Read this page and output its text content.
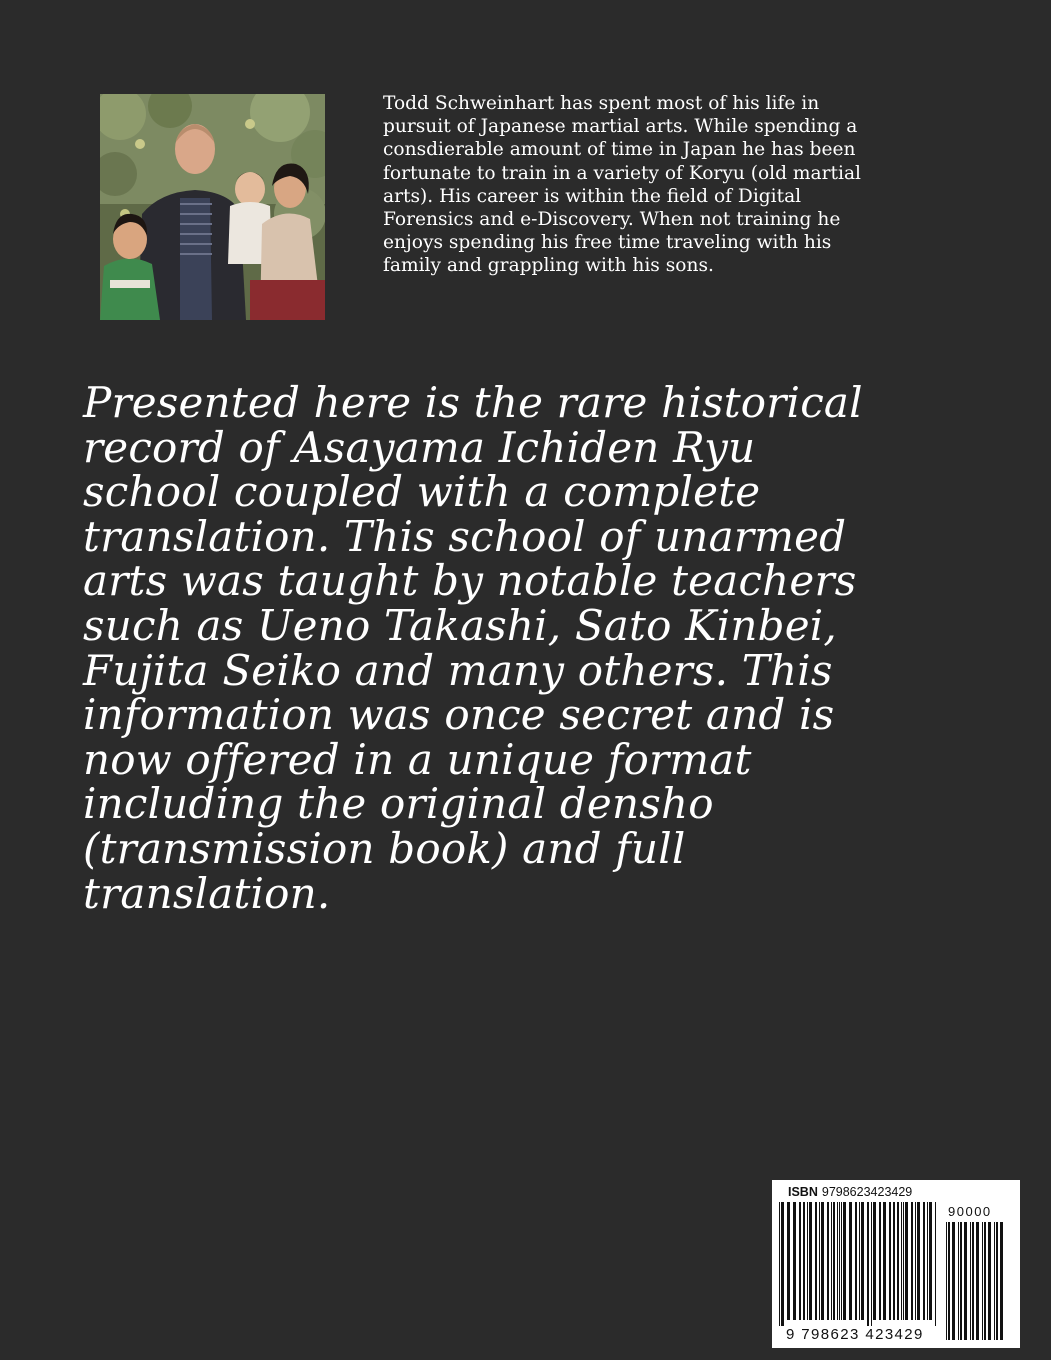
Todd Schweinhart has spent most of his life in
pursuit of Japanese martial arts. While spending a
consdierable amount of time in Japan he has been
fortunate to train in a variety of Koryu (old martial
arts). His career is within the field of Digital
Forensics and e-Discovery. When not training he
enjoys spending his free time traveling with his
family and grappling with his sons.
Presented here is the rare historical
record of Asayama Ichiden Ryu
school coupled with a complete
translation. This school of unarmed
arts was taught by notable teachers
such as Ueno Takashi, Sato Kinbei,
Fujita Seiko and many others. This
information was once secret and is
now offered in a unique format
including the original densho
(transmission book) and full
translation.
ISBN 9798623423429
9 798623 423429
90000
